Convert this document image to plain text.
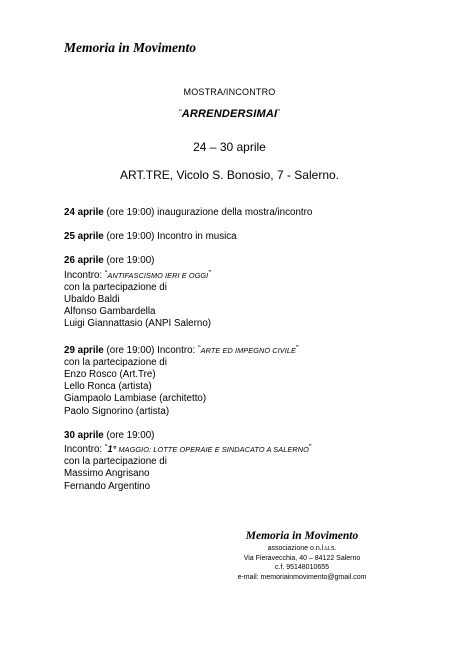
Memoria in Movimento
MOSTRA/INCONTRO
“ARRENDERSIMAI”
24 – 30 aprile
ART.TRE, Vicolo S. Bonosio, 7 - Salerno.
24 aprile (ore 19:00) inaugurazione della mostra/incontro
25 aprile (ore 19:00) Incontro in musica
26 aprile (ore 19:00)
Incontro: “ANTIFASCISMO IERI E OGGI”
con la partecipazione di
Ubaldo Baldi
Alfonso Gambardella
Luigi Giannattasio (ANPI Salerno)
29 aprile (ore 19:00) Incontro: “ARTE ED IMPEGNO CIVILE”
con la partecipazione di
Enzo Rosco (Art.Tre)
Lello Ronca (artista)
Giampaolo Lambiase (architetto)
Paolo Signorino (artista)
30 aprile (ore 19:00)
Incontro: “1° MAGGIO: LOTTE OPERAIE E SINDACATO A SALERNO”
con la partecipazione di
Massimo Angrisano
Fernando Argentino
Memoria in Movimento
associazione o.n.l.u.s.
Via Fieravecchia, 40 – 84122 Salerno
c.f. 95148010655
e-mail: memoriainmovimento@gmail.com
